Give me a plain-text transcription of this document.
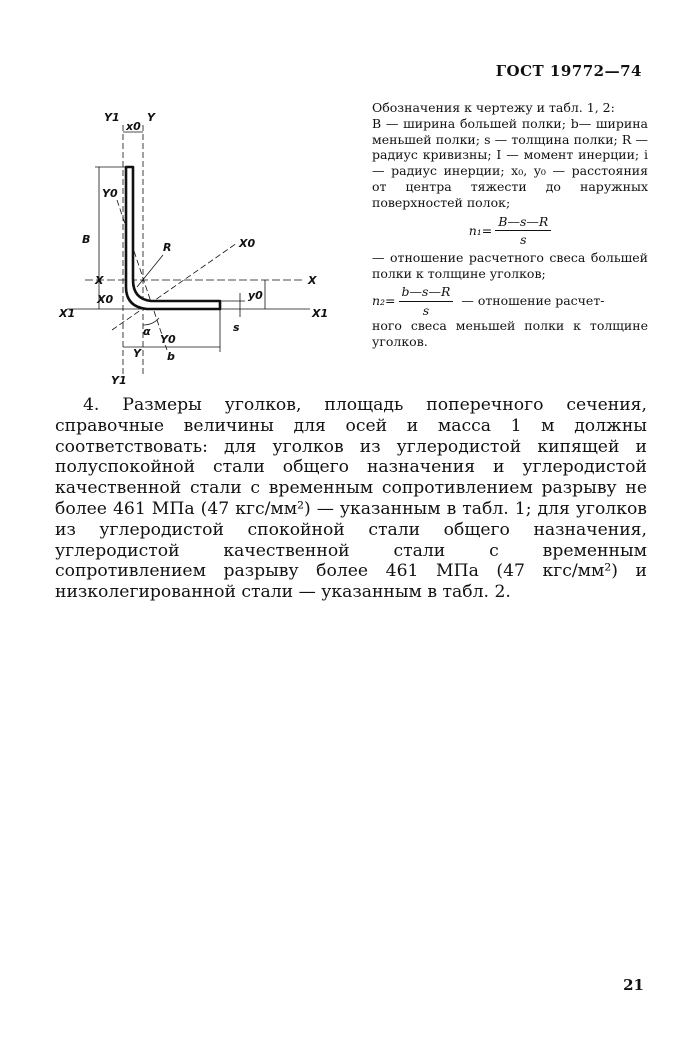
ГОСТ 19772—74
Y1 Y
x0
Y0
B
R	X0
X	X
X0
X1	X1
y0
s
α
Y0
Y b
Y1

Обозначения к чертежу и табл. 1, 2:

B — ширина большей полки; b— ширина меньшей полки; s — толщина полки; R — радиус кривизны; I — момент инерции; i — радиус инерции; x₀, y₀ — расстояния от центра тяжести до наружных поверхностей полок;

$n_1= \frac{B—s—R}{s}$

— отношение расчетного свеса большей полки к толщине уголков;

$n_2= \frac{b—s—R}{s}$ — отношение расчет-

ного свеса меньшей полки к толщине уголков.

4. Размеры уголков, площадь поперечного сечения, справочные величины для осей и масса 1 м должны соответствовать: для уголков из углеродистой кипящей и полуспокойной стали общего назначения и углеродистой качественной стали с временным сопротивлением разрыву не более 461 МПа (47 кгс/мм²) — указанным в табл. 1; для уголков из углеродистой спокойной стали общего назначения, углеродистой качественной стали с временным сопротивлением разрыву более 461 МПа (47 кгс/мм²) и низколегированной стали — указанным в табл. 2.

21
